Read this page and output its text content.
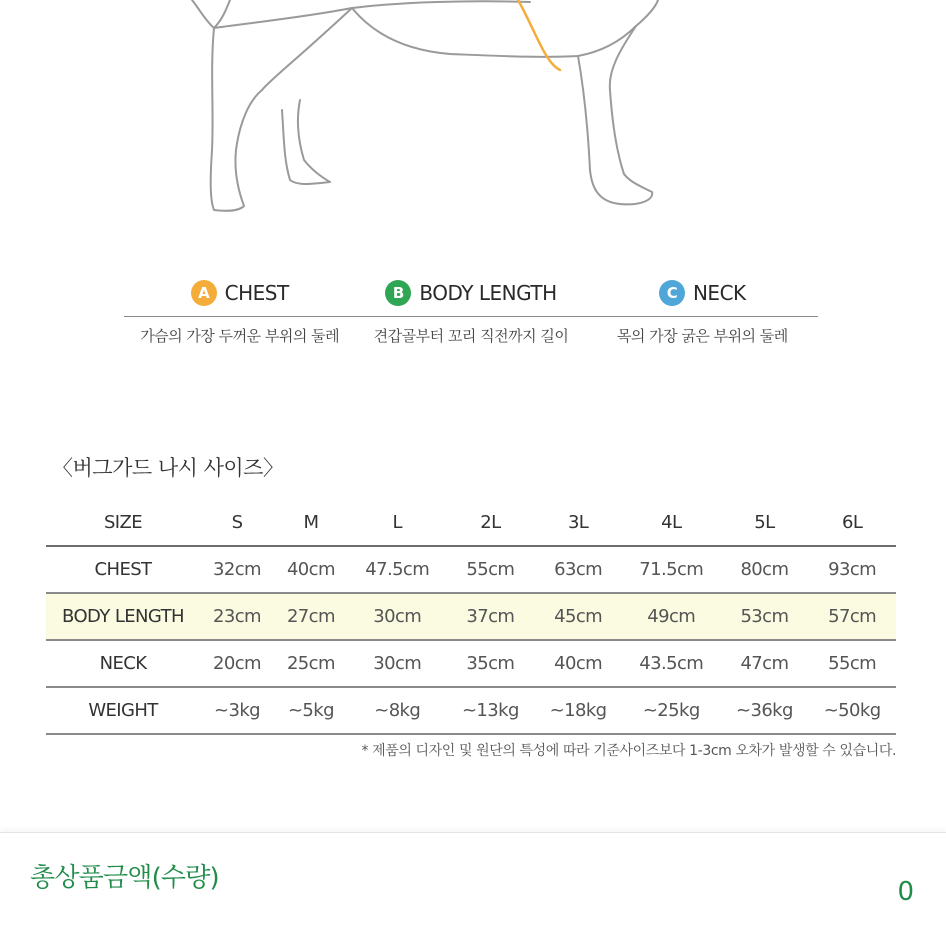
A CHEST	B BODY LENGTH	C NECK
가슴의 가장 두꺼운 부위의 둘레	견갑골부터 꼬리 직전까지 길이	목의 가장 굵은 부위의 둘레
〈버그가드 나시 사이즈〉
SIZE	S	M	L	2L	3L	4L	5L	6L
CHEST	32cm	40cm	47.5cm	55cm	63cm	71.5cm	80cm	93cm
BODY LENGTH	23cm	27cm	30cm	37cm	45cm	49cm	53cm	57cm
NECK	20cm	25cm	30cm	35cm	40cm	43.5cm	47cm	55cm
WEIGHT	~3kg	~5kg	~8kg	~13kg	~18kg	~25kg	~36kg	~50kg
* 제품의 디자인 및 원단의 특성에 따라 기준사이즈보다 1-3cm 오차가 발생할 수 있습니다.
총상품금액(수량)	0
